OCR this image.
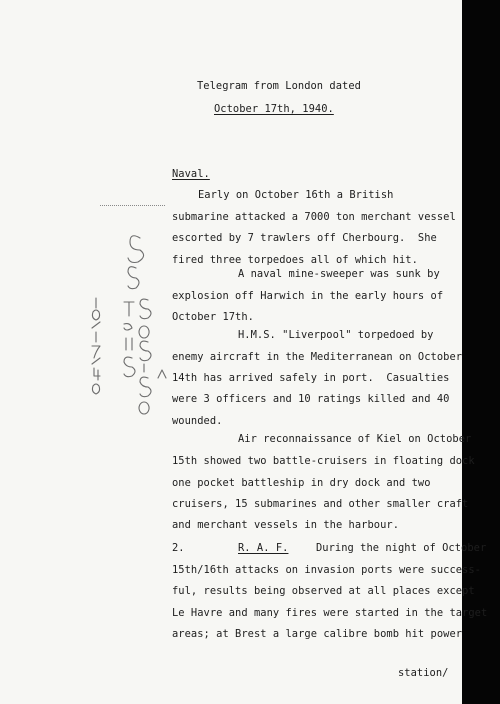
Telegram from London dated
October 17th, 1940.
Naval.
Early on October 16th a British
submarine attacked a 7000 ton merchant vessel
escorted by 7 trawlers off Cherbourg.  She
fired three torpedoes all of which hit.
A naval mine-sweeper was sunk by
explosion off Harwich in the early hours of
October 17th.
H.M.S. "Liverpool" torpedoed by
enemy aircraft in the Mediterranean on October
14th has arrived safely in port.  Casualties
were 3 officers and 10 ratings killed and 40
wounded.
Air reconnaissance of Kiel on October
15th showed two battle-cruisers in floating dock
one pocket battleship in dry dock and two
cruisers, 15 submarines and other smaller craft
and merchant vessels in the harbour.
2.	R. A. F.	During the night of October
15th/16th attacks on invasion ports were success-
ful, results being observed at all places except
Le Havre and many fires were started in the target
areas; at Brest a large calibre bomb hit power
station/
